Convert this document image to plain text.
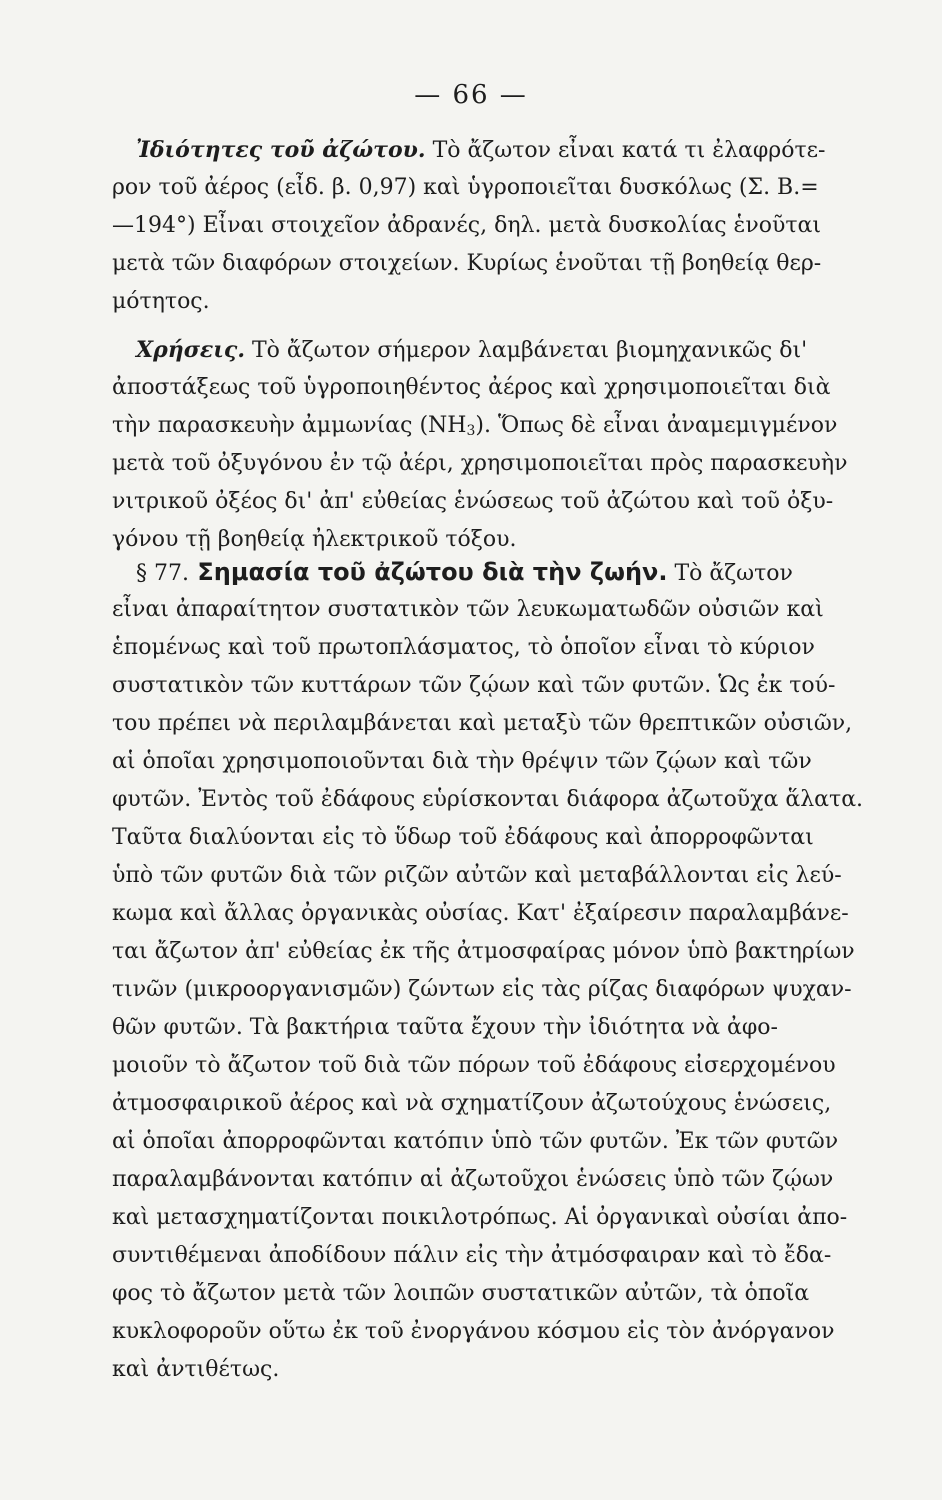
— 66 —
Ἰδιότητες τοῦ ἀζώτου. Τὸ ἄζωτον εἶναι κατά τι ἐλαφρότε-
ρον τοῦ ἀέρος (εἶδ. β. 0,97) καὶ ὑγροποιεῖται δυσκόλως (Σ. Β.=
—194°) Εἶναι στοιχεῖον ἀδρανές, δηλ. μετὰ δυσκολίας ἑνοῦται
μετὰ τῶν διαφόρων στοιχείων. Κυρίως ἑνοῦται τῇ βοηθείᾳ θερ-
μότητος.
Χρήσεις. Τὸ ἄζωτον σήμερον λαμβάνεται βιομηχανικῶς δι'
ἀποστάξεως τοῦ ὑγροποιηθέντος ἀέρος καὶ χρησιμοποιεῖται διὰ
τὴν παρασκευὴν ἀμμωνίας $(NH_3)$. Ὅπως δὲ εἶναι ἀναμεμιγμένον
μετὰ τοῦ ὀξυγόνου ἐν τῷ ἀέρι, χρησιμοποιεῖται πρὸς παρασκευὴν
νιτρικοῦ ὀξέος δι' ἀπ' εὐθείας ἑνώσεως τοῦ ἀζώτου καὶ τοῦ ὀξυ-
γόνου τῇ βοηθείᾳ ἠλεκτρικοῦ τόξου.
§ 77. Σημασία τοῦ ἀζώτου διὰ τὴν ζωήν. Τὸ ἄζωτον
εἶναι ἀπαραίτητον συστατικὸν τῶν λευκωματωδῶν οὐσιῶν καὶ
ἑπομένως καὶ τοῦ πρωτοπλάσματος, τὸ ὁποῖον εἶναι τὸ κύριον
συστατικὸν τῶν κυττάρων τῶν ζῴων καὶ τῶν φυτῶν. Ὡς ἐκ τού-
του πρέπει νὰ περιλαμβάνεται καὶ μεταξὺ τῶν θρεπτικῶν οὐσιῶν,
αἱ ὁποῖαι χρησιμοποιοῦνται διὰ τὴν θρέψιν τῶν ζῴων καὶ τῶν
φυτῶν. Ἐντὸς τοῦ ἐδάφους εὑρίσκονται διάφορα ἀζωτοῦχα ἅλατα.
Ταῦτα διαλύονται εἰς τὸ ὕδωρ τοῦ ἐδάφους καὶ ἀπορροφῶνται
ὑπὸ τῶν φυτῶν διὰ τῶν ριζῶν αὐτῶν καὶ μεταβάλλονται εἰς λεύ-
κωμα καὶ ἄλλας ὀργανικὰς οὐσίας. Κατ' ἐξαίρεσιν παραλαμβάνε-
ται ἄζωτον ἀπ' εὐθείας ἐκ τῆς ἀτμοσφαίρας μόνον ὑπὸ βακτηρίων
τινῶν (μικροοργανισμῶν) ζώντων εἰς τὰς ρίζας διαφόρων ψυχαν-
θῶν φυτῶν. Τὰ βακτήρια ταῦτα ἔχουν τὴν ἰδιότητα νὰ ἀφο-
μοιοῦν τὸ ἄζωτον τοῦ διὰ τῶν πόρων τοῦ ἐδάφους εἰσερχομένου
ἀτμοσφαιρικοῦ ἀέρος καὶ νὰ σχηματίζουν ἀζωτούχους ἑνώσεις,
αἱ ὁποῖαι ἀπορροφῶνται κατόπιν ὑπὸ τῶν φυτῶν. Ἐκ τῶν φυτῶν
παραλαμβάνονται κατόπιν αἱ ἀζωτοῦχοι ἑνώσεις ὑπὸ τῶν ζῴων
καὶ μετασχηματίζονται ποικιλοτρόπως. Αἱ ὀργανικαὶ οὐσίαι ἀπο-
συντιθέμεναι ἀποδίδουν πάλιν εἰς τὴν ἀτμόσφαιραν καὶ τὸ ἔδα-
φος τὸ ἄζωτον μετὰ τῶν λοιπῶν συστατικῶν αὐτῶν, τὰ ὁποῖα
κυκλοφοροῦν οὕτω ἐκ τοῦ ἐνοργάνου κόσμου εἰς τὸν ἀνόργανον
καὶ ἀντιθέτως.
